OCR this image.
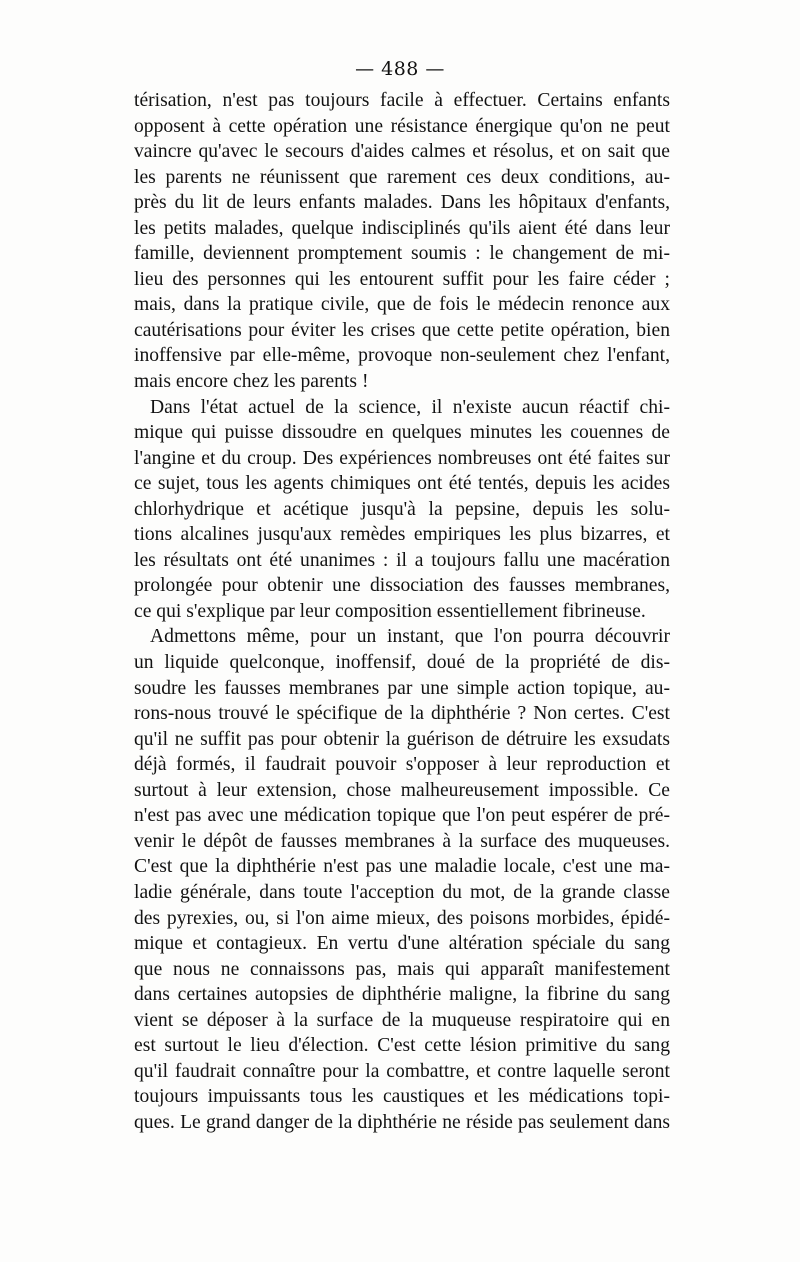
— 488 —
térisation, n'est pas toujours facile à effectuer. Certains enfants
opposent à cette opération une résistance énergique qu'on ne peut
vaincre qu'avec le secours d'aides calmes et résolus, et on sait que
les parents ne réunissent que rarement ces deux conditions, au-
près du lit de leurs enfants malades. Dans les hôpitaux d'enfants,
les petits malades, quelque indisciplinés qu'ils aient été dans leur
famille, deviennent promptement soumis : le changement de mi-
lieu des personnes qui les entourent suffit pour les faire céder ;
mais, dans la pratique civile, que de fois le médecin renonce aux
cautérisations pour éviter les crises que cette petite opération, bien
inoffensive par elle-même, provoque non-seulement chez l'enfant,
mais encore chez les parents !
Dans l'état actuel de la science, il n'existe aucun réactif chi-
mique qui puisse dissoudre en quelques minutes les couennes de
l'angine et du croup. Des expériences nombreuses ont été faites sur
ce sujet, tous les agents chimiques ont été tentés, depuis les acides
chlorhydrique et acétique jusqu'à la pepsine, depuis les solu-
tions alcalines jusqu'aux remèdes empiriques les plus bizarres, et
les résultats ont été unanimes : il a toujours fallu une macération
prolongée pour obtenir une dissociation des fausses membranes,
ce qui s'explique par leur composition essentiellement fibrineuse.
Admettons même, pour un instant, que l'on pourra découvrir
un liquide quelconque, inoffensif, doué de la propriété de dis-
soudre les fausses membranes par une simple action topique, au-
rons-nous trouvé le spécifique de la diphthérie ? Non certes. C'est
qu'il ne suffit pas pour obtenir la guérison de détruire les exsudats
déjà formés, il faudrait pouvoir s'opposer à leur reproduction et
surtout à leur extension, chose malheureusement impossible. Ce
n'est pas avec une médication topique que l'on peut espérer de pré-
venir le dépôt de fausses membranes à la surface des muqueuses.
C'est que la diphthérie n'est pas une maladie locale, c'est une ma-
ladie générale, dans toute l'acception du mot, de la grande classe
des pyrexies, ou, si l'on aime mieux, des poisons morbides, épidé-
mique et contagieux. En vertu d'une altération spéciale du sang
que nous ne connaissons pas, mais qui apparaît manifestement
dans certaines autopsies de diphthérie maligne, la fibrine du sang
vient se déposer à la surface de la muqueuse respiratoire qui en
est surtout le lieu d'élection. C'est cette lésion primitive du sang
qu'il faudrait connaître pour la combattre, et contre laquelle seront
toujours impuissants tous les caustiques et les médications topi-
ques. Le grand danger de la diphthérie ne réside pas seulement dans
